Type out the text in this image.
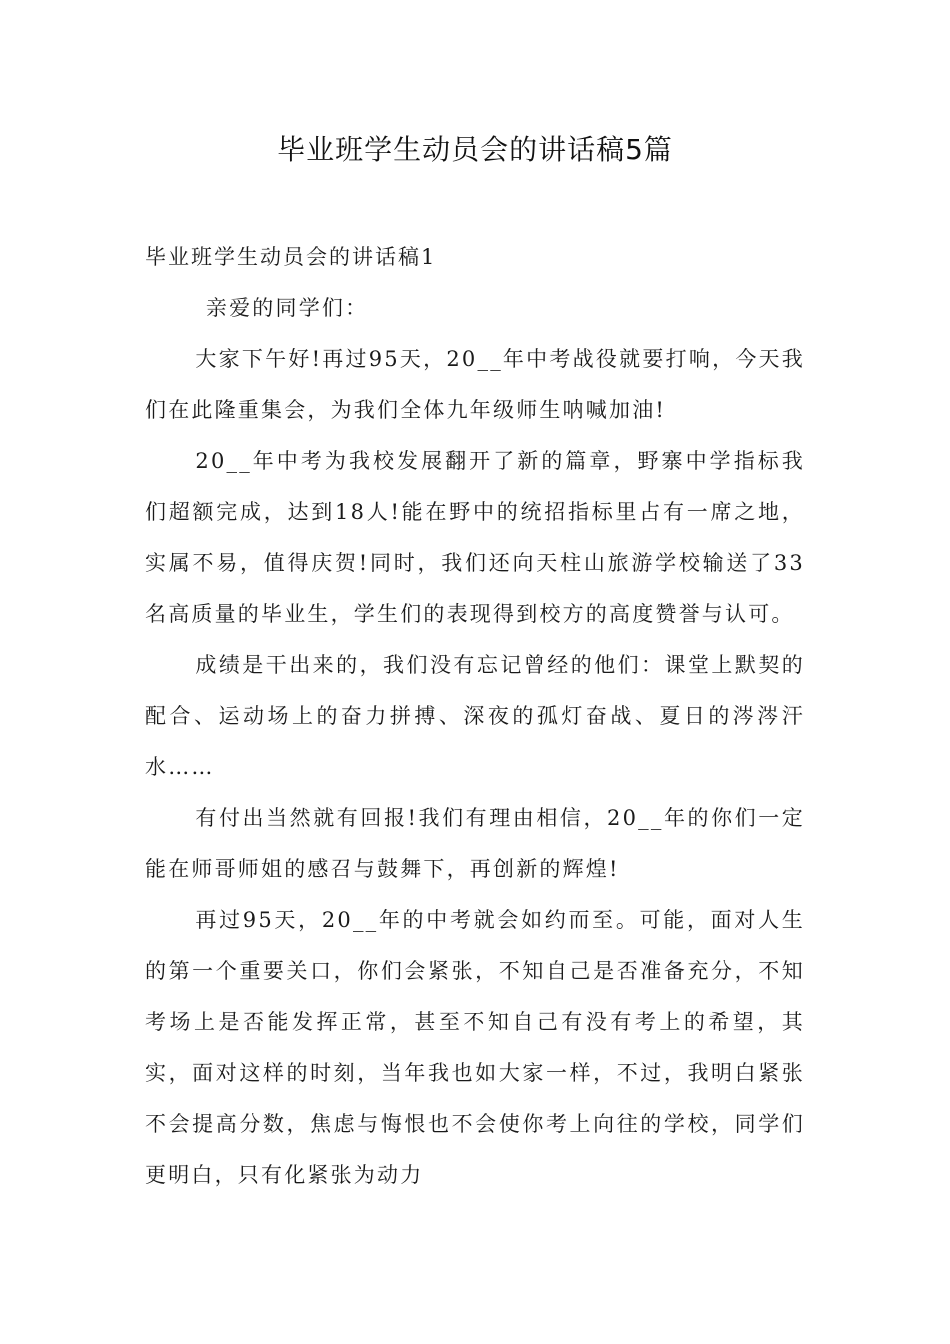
毕业班学生动员会的讲话稿5篇
毕业班学生动员会的讲话稿1

亲爱的同学们：

大家下午好!再过95天，20__年中考战役就要打响，今天我们在此隆重集会，为我们全体九年级师生呐喊加油!

20__年中考为我校发展翻开了新的篇章，野寨中学指标我们超额完成，达到18人!能在野中的统招指标里占有一席之地，实属不易，值得庆贺!同时，我们还向天柱山旅游学校输送了33名高质量的毕业生，学生们的表现得到校方的高度赞誉与认可。

成绩是干出来的，我们没有忘记曾经的他们：课堂上默契的配合、运动场上的奋力拼搏、深夜的孤灯奋战、夏日的涔涔汗水……

有付出当然就有回报!我们有理由相信，20__年的你们一定能在师哥师姐的感召与鼓舞下，再创新的辉煌!

再过95天，20__年的中考就会如约而至。可能，面对人生的第一个重要关口，你们会紧张，不知自己是否准备充分，不知考场上是否能发挥正常，甚至不知自己有没有考上的希望，其实，面对这样的时刻，当年我也如大家一样，不过，我明白紧张不会提高分数，焦虑与悔恨也不会使你考上向往的学校，同学们更明白，只有化紧张为动力
